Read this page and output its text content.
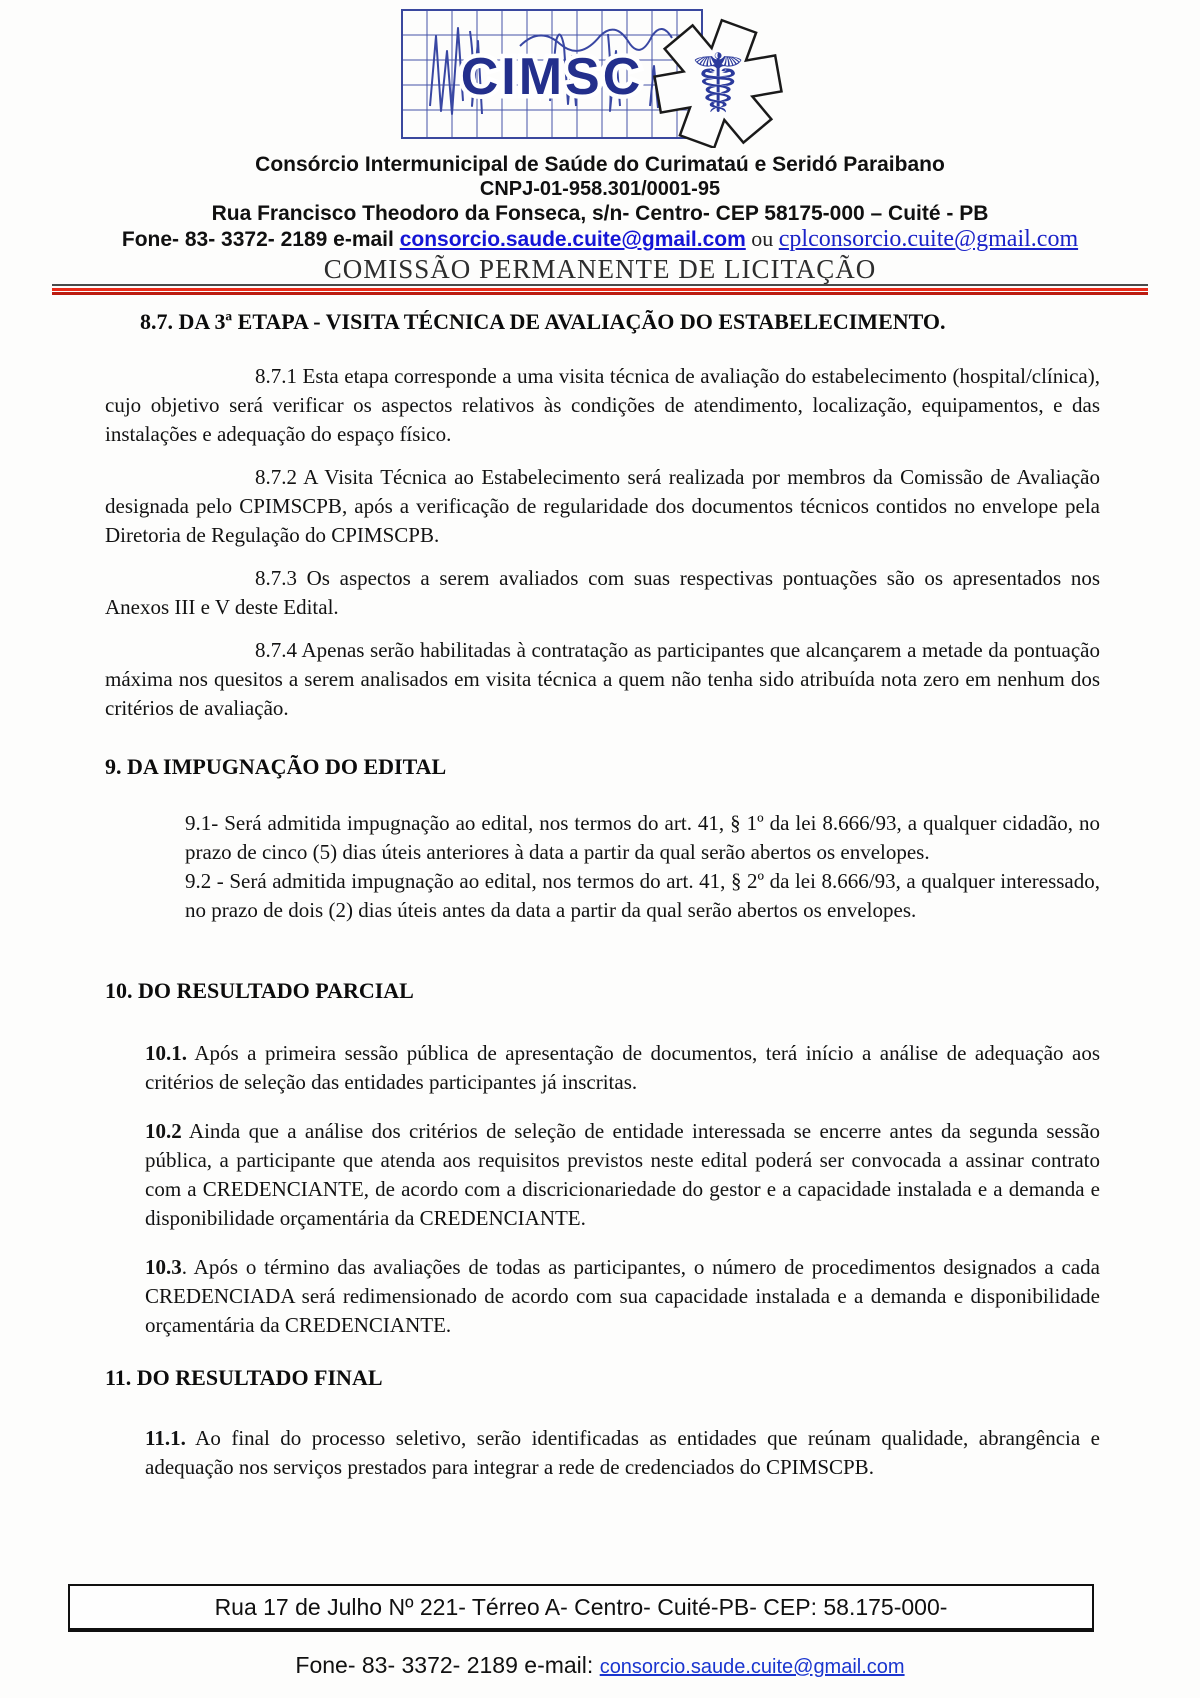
CIMSC ☤
Consórcio Intermunicipal de Saúde do Curimataú e Seridó Paraibano
CNPJ-01-958.301/0001-95
Rua Francisco Theodoro da Fonseca, s/n- Centro- CEP 58175-000 – Cuité - PB
Fone- 83- 3372- 2189 e-mail consorcio.saude.cuite@gmail.com ou cplconsorcio.cuite@gmail.com
COMISSÃO PERMANENTE DE LICITAÇÃO
8.7. DA 3ª ETAPA - VISITA TÉCNICA DE AVALIAÇÃO DO ESTABELECIMENTO.

8.7.1 Esta etapa corresponde a uma visita técnica de avaliação do estabelecimento (hospital/clínica), cujo objetivo será verificar os aspectos relativos às condições de atendimento, localização, equipamentos, e das instalações e adequação do espaço físico.

8.7.2 A Visita Técnica ao Estabelecimento será realizada por membros da Comissão de Avaliação designada pelo CPIMSCPB, após a verificação de regularidade dos documentos técnicos contidos no envelope pela Diretoria de Regulação do CPIMSCPB.

8.7.3 Os aspectos a serem avaliados com suas respectivas pontuações são os apresentados nos Anexos III e V deste Edital.

8.7.4 Apenas serão habilitadas à contratação as participantes que alcançarem a metade da pontuação máxima nos quesitos a serem analisados em visita técnica a quem não tenha sido atribuída nota zero em nenhum dos critérios de avaliação.

9. DA IMPUGNAÇÃO DO EDITAL

9.1- Será admitida impugnação ao edital, nos termos do art. 41, § 1º da lei 8.666/93, a qualquer cidadão, no prazo de cinco (5) dias úteis anteriores à data a partir da qual serão abertos os envelopes.

9.2 - Será admitida impugnação ao edital, nos termos do art. 41, § 2º da lei 8.666/93, a qualquer interessado, no prazo de dois (2) dias úteis antes da data a partir da qual serão abertos os envelopes.

10. DO RESULTADO PARCIAL

10.1. Após a primeira sessão pública de apresentação de documentos, terá início a análise de adequação aos critérios de seleção das entidades participantes já inscritas.

10.2 Ainda que a análise dos critérios de seleção de entidade interessada se encerre antes da segunda sessão pública, a participante que atenda aos requisitos previstos neste edital poderá ser convocada a assinar contrato com a CREDENCIANTE, de acordo com a discricionariedade do gestor e a capacidade instalada e a demanda e disponibilidade orçamentária da CREDENCIANTE.

10.3. Após o término das avaliações de todas as participantes, o número de procedimentos designados a cada CREDENCIADA será redimensionado de acordo com sua capacidade instalada e a demanda e disponibilidade orçamentária da CREDENCIANTE.

11. DO RESULTADO FINAL

11.1. Ao final do processo seletivo, serão identificadas as entidades que reúnam qualidade, abrangência e adequação nos serviços prestados para integrar a rede de credenciados do CPIMSCPB.

Rua 17 de Julho Nº 221- Térreo A- Centro- Cuité-PB- CEP: 58.175-000-
Fone- 83- 3372- 2189 e-mail: consorcio.saude.cuite@gmail.com
